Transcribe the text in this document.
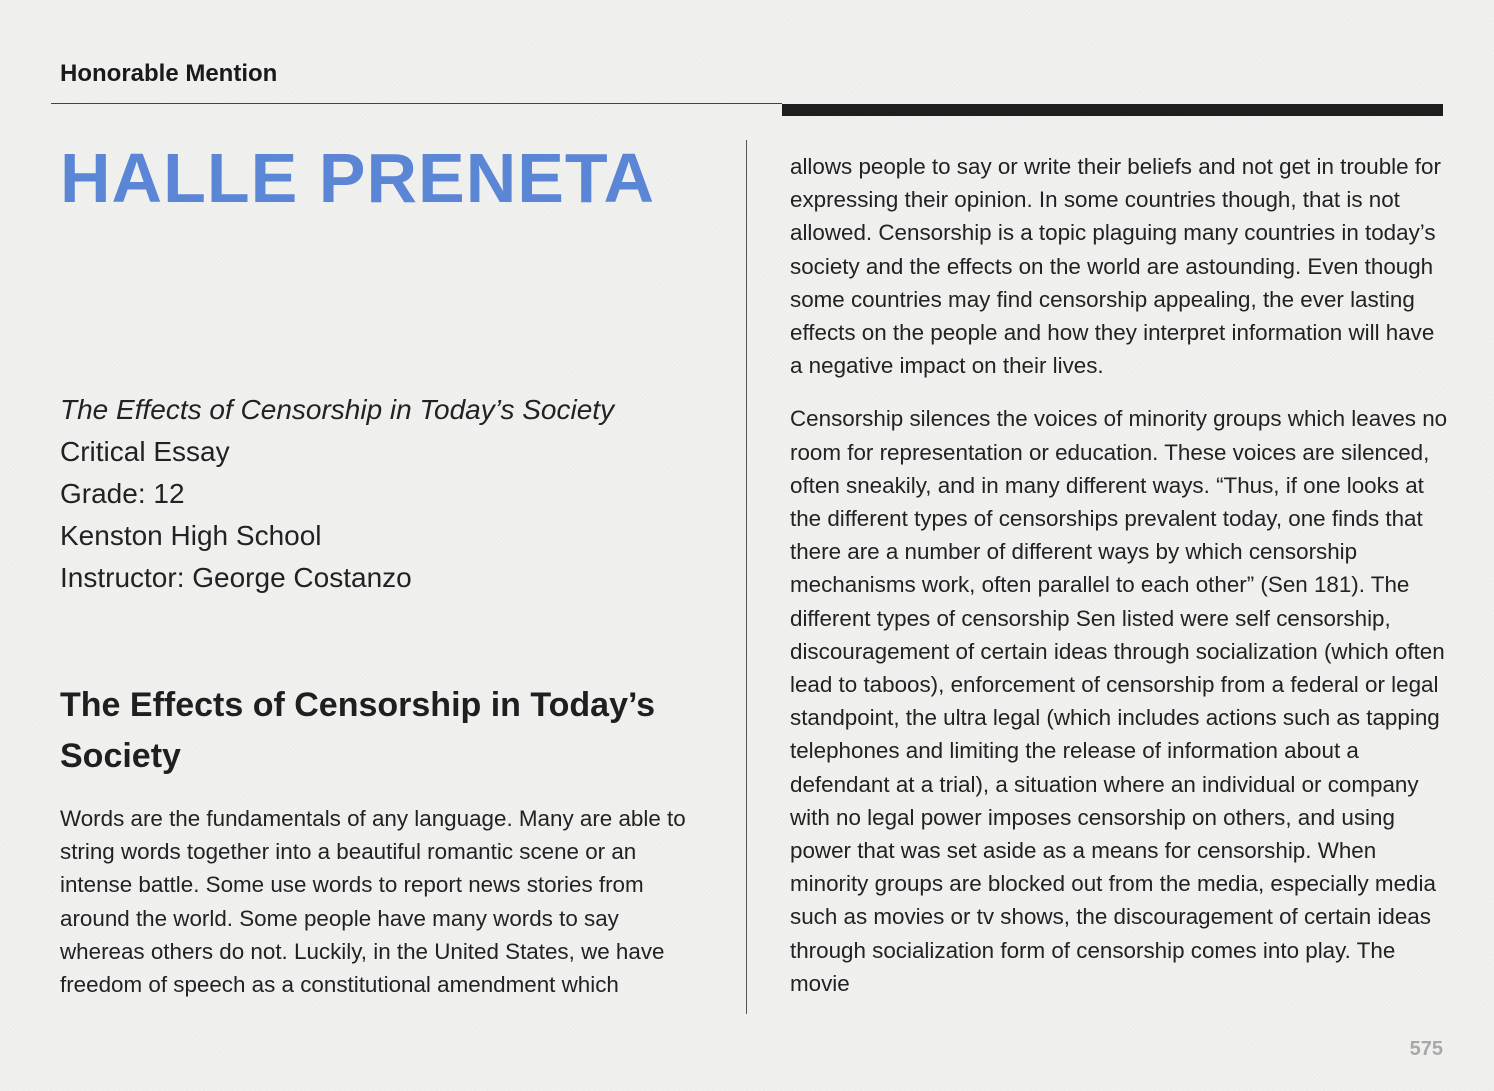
Honorable Mention
HALLE PRENETA
The Effects of Censorship in Today’s Society
Critical Essay
Grade: 12
Kenston High School
Instructor: George Costanzo
The Effects of Censorship in Today’s Society

Words are the fundamentals of any language. Many are able to string words together into a beautiful romantic scene or an intense battle. Some use words to report news stories from around the world. Some people have many words to say whereas others do not. Luckily, in the United States, we have freedom of speech as a constitutional amendment which

allows people to say or write their beliefs and not get in trouble for expressing their opinion. In some countries though, that is not allowed. Censorship is a topic plaguing many countries in today’s society and the effects on the world are astounding. Even though some countries may find censorship appealing, the ever lasting effects on the people and how they interpret information will have a negative impact on their lives.

Censorship silences the voices of minority groups which leaves no room for representation or education. These voices are silenced, often sneakily, and in many different ways. “Thus, if one looks at the different types of censorships prevalent today, one finds that there are a number of different ways by which censorship mechanisms work, often parallel to each other” (Sen 181). The different types of censorship Sen listed were self censorship, discouragement of certain ideas through socialization (which often lead to taboos), enforcement of censorship from a federal or legal standpoint, the ultra legal (which includes actions such as tapping telephones and limiting the release of information about a defendant at a trial), a situation where an individual or company with no legal power imposes censorship on others, and using power that was set aside as a means for censorship. When minority groups are blocked out from the media, especially media such as movies or tv shows, the discouragement of certain ideas through socialization form of censorship comes into play. The movie

575
